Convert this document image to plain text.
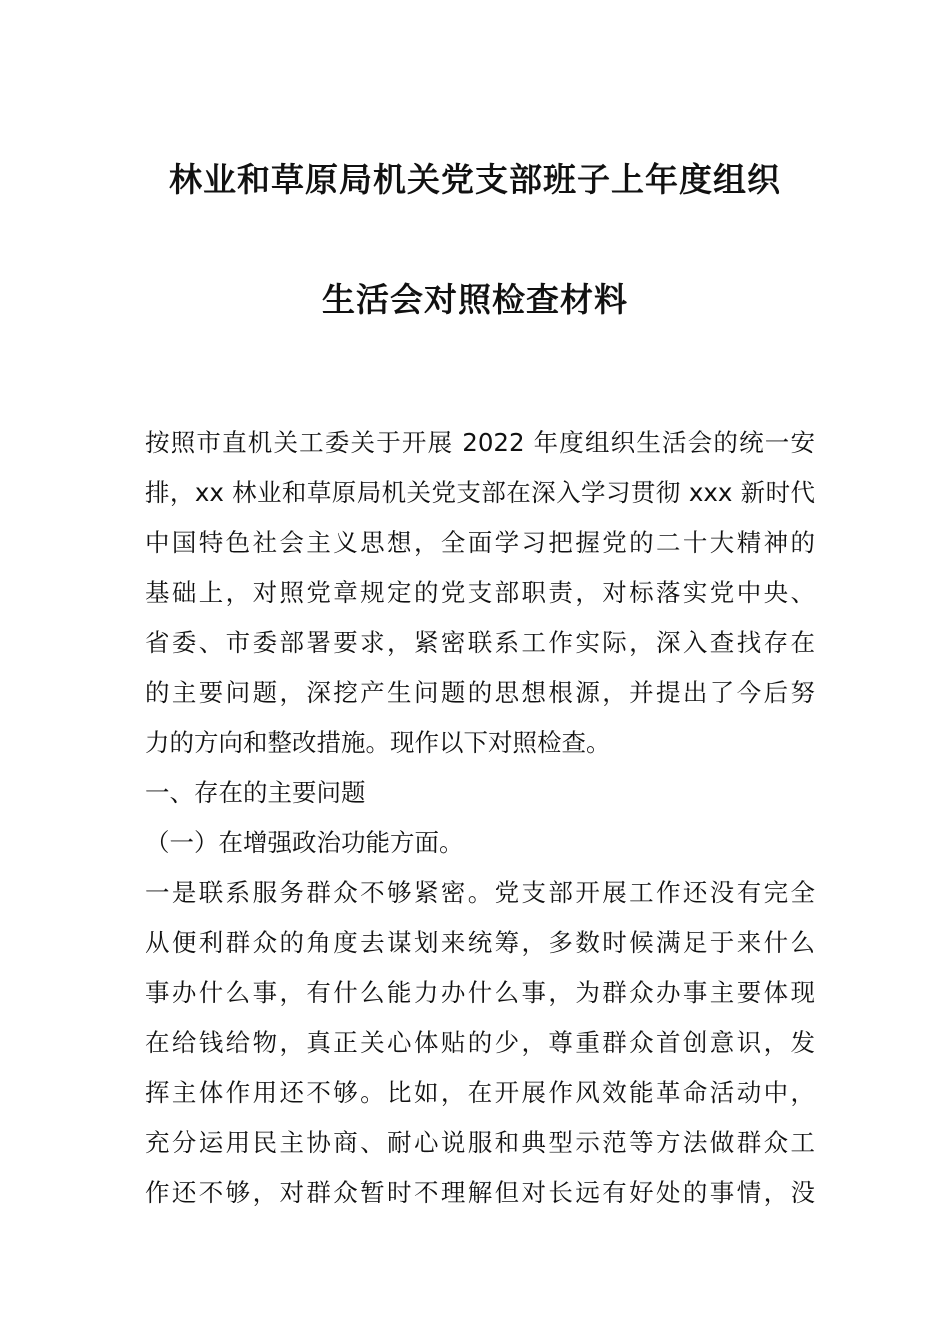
林业和草原局机关党支部班子上年度组织
生活会对照检查材料
按照市直机关工委关于开展 2022 年度组织生活会的统一安
排，xx 林业和草原局机关党支部在深入学习贯彻 xxx 新时代
中国特色社会主义思想，全面学习把握党的二十大精神的
基础上，对照党章规定的党支部职责，对标落实党中央、
省委、市委部署要求，紧密联系工作实际，深入查找存在
的主要问题，深挖产生问题的思想根源，并提出了今后努
力的方向和整改措施。现作以下对照检查。
一、存在的主要问题
（一）在增强政治功能方面。
一是联系服务群众不够紧密。党支部开展工作还没有完全
从便利群众的角度去谋划来统筹，多数时候满足于来什么
事办什么事，有什么能力办什么事，为群众办事主要体现
在给钱给物，真正关心体贴的少，尊重群众首创意识，发
挥主体作用还不够。比如，在开展作风效能革命活动中，
充分运用民主协商、耐心说服和典型示范等方法做群众工
作还不够，对群众暂时不理解但对长远有好处的事情，没
